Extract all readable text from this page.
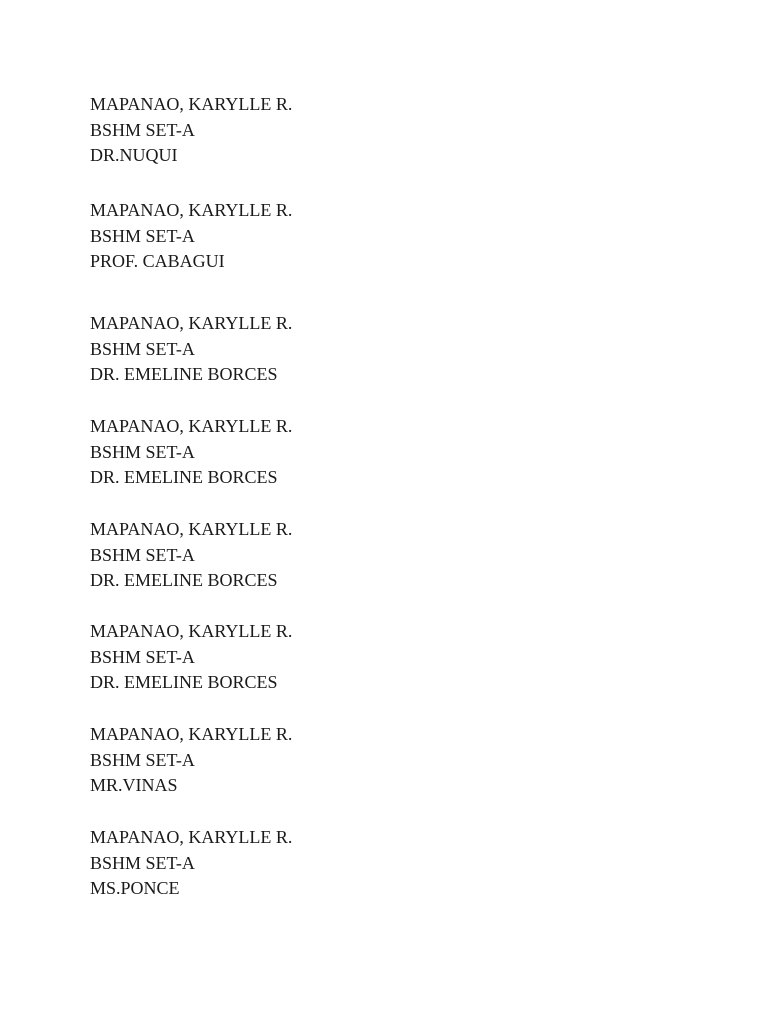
MAPANAO, KARYLLE R.
BSHM SET-A
DR.NUQUI
MAPANAO, KARYLLE R.
BSHM SET-A
PROF. CABAGUI
MAPANAO, KARYLLE R.
BSHM SET-A
DR. EMELINE BORCES
MAPANAO, KARYLLE R.
BSHM SET-A
DR. EMELINE BORCES
MAPANAO, KARYLLE R.
BSHM SET-A
DR. EMELINE BORCES
MAPANAO, KARYLLE R.
BSHM SET-A
DR. EMELINE BORCES
MAPANAO, KARYLLE R.
BSHM SET-A
MR.VINAS
MAPANAO, KARYLLE R.
BSHM SET-A
MS.PONCE
